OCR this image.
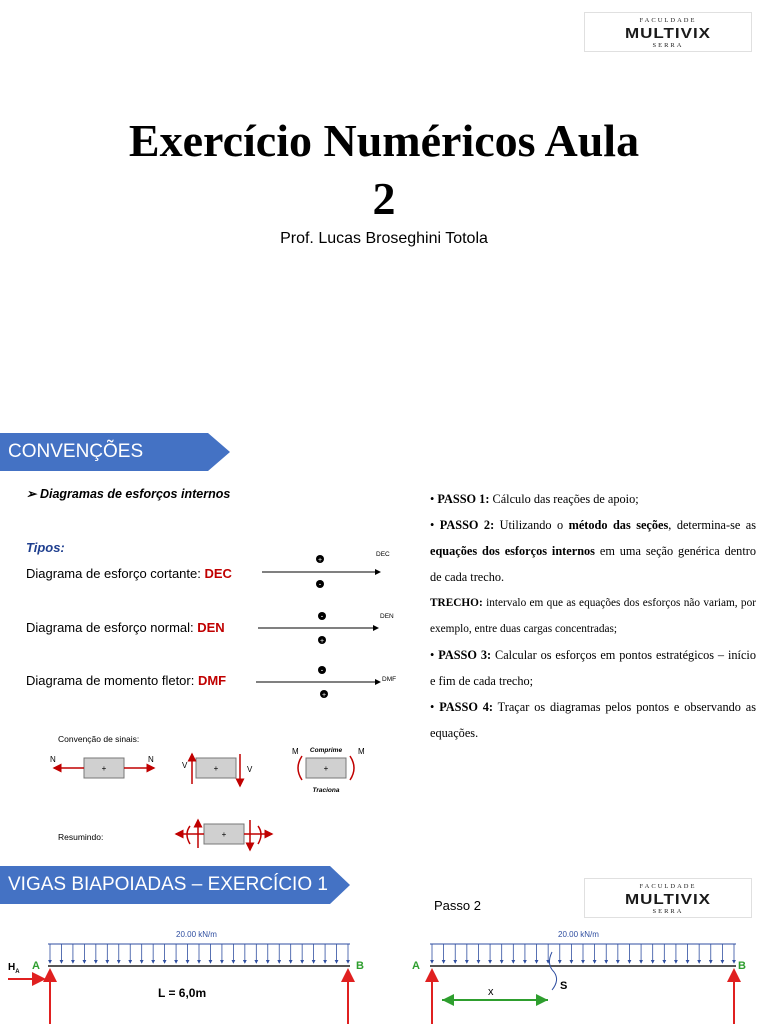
FACULDADE
MULTIVIX
SERRA
Exercício Numéricos Aula
2
Prof. Lucas Broseghini Totola
CONVENÇÕES
➢ Diagramas de esforços internos
Tipos:
Diagrama de esforço cortante: DEC
Diagrama de esforço normal: DEN
Diagrama de momento fletor: DMF
+
-
-
+
-
+
DEC
DEN
DMF
Convenção de sinais:
+
N	N
+
V	V	+
M	M
Comprime
Traciona
Resumindo:	+

• PASSO 1: Cálculo das reações de apoio;

• PASSO 2: Utilizando o método das seções, determina-se as equações dos esforços internos em uma seção genérica dentro de cada trecho.

TRECHO: intervalo em que as equações dos esforços não variam, por exemplo, entre duas cargas concentradas;

• PASSO 3: Calcular os esforços em pontos estratégicos – início e fim de cada trecho;

• PASSO 4: Traçar os diagramas pelos pontos e observando as equações.

VIGAS BIAPOIADAS – EXERCÍCIO 1	FACULDADE
MULTIVIX
SERRA
Passo 2
20.00 kN/m
A	B
$H_A$
L = 6,0m
20.00 kN/m
A	B
x	S
